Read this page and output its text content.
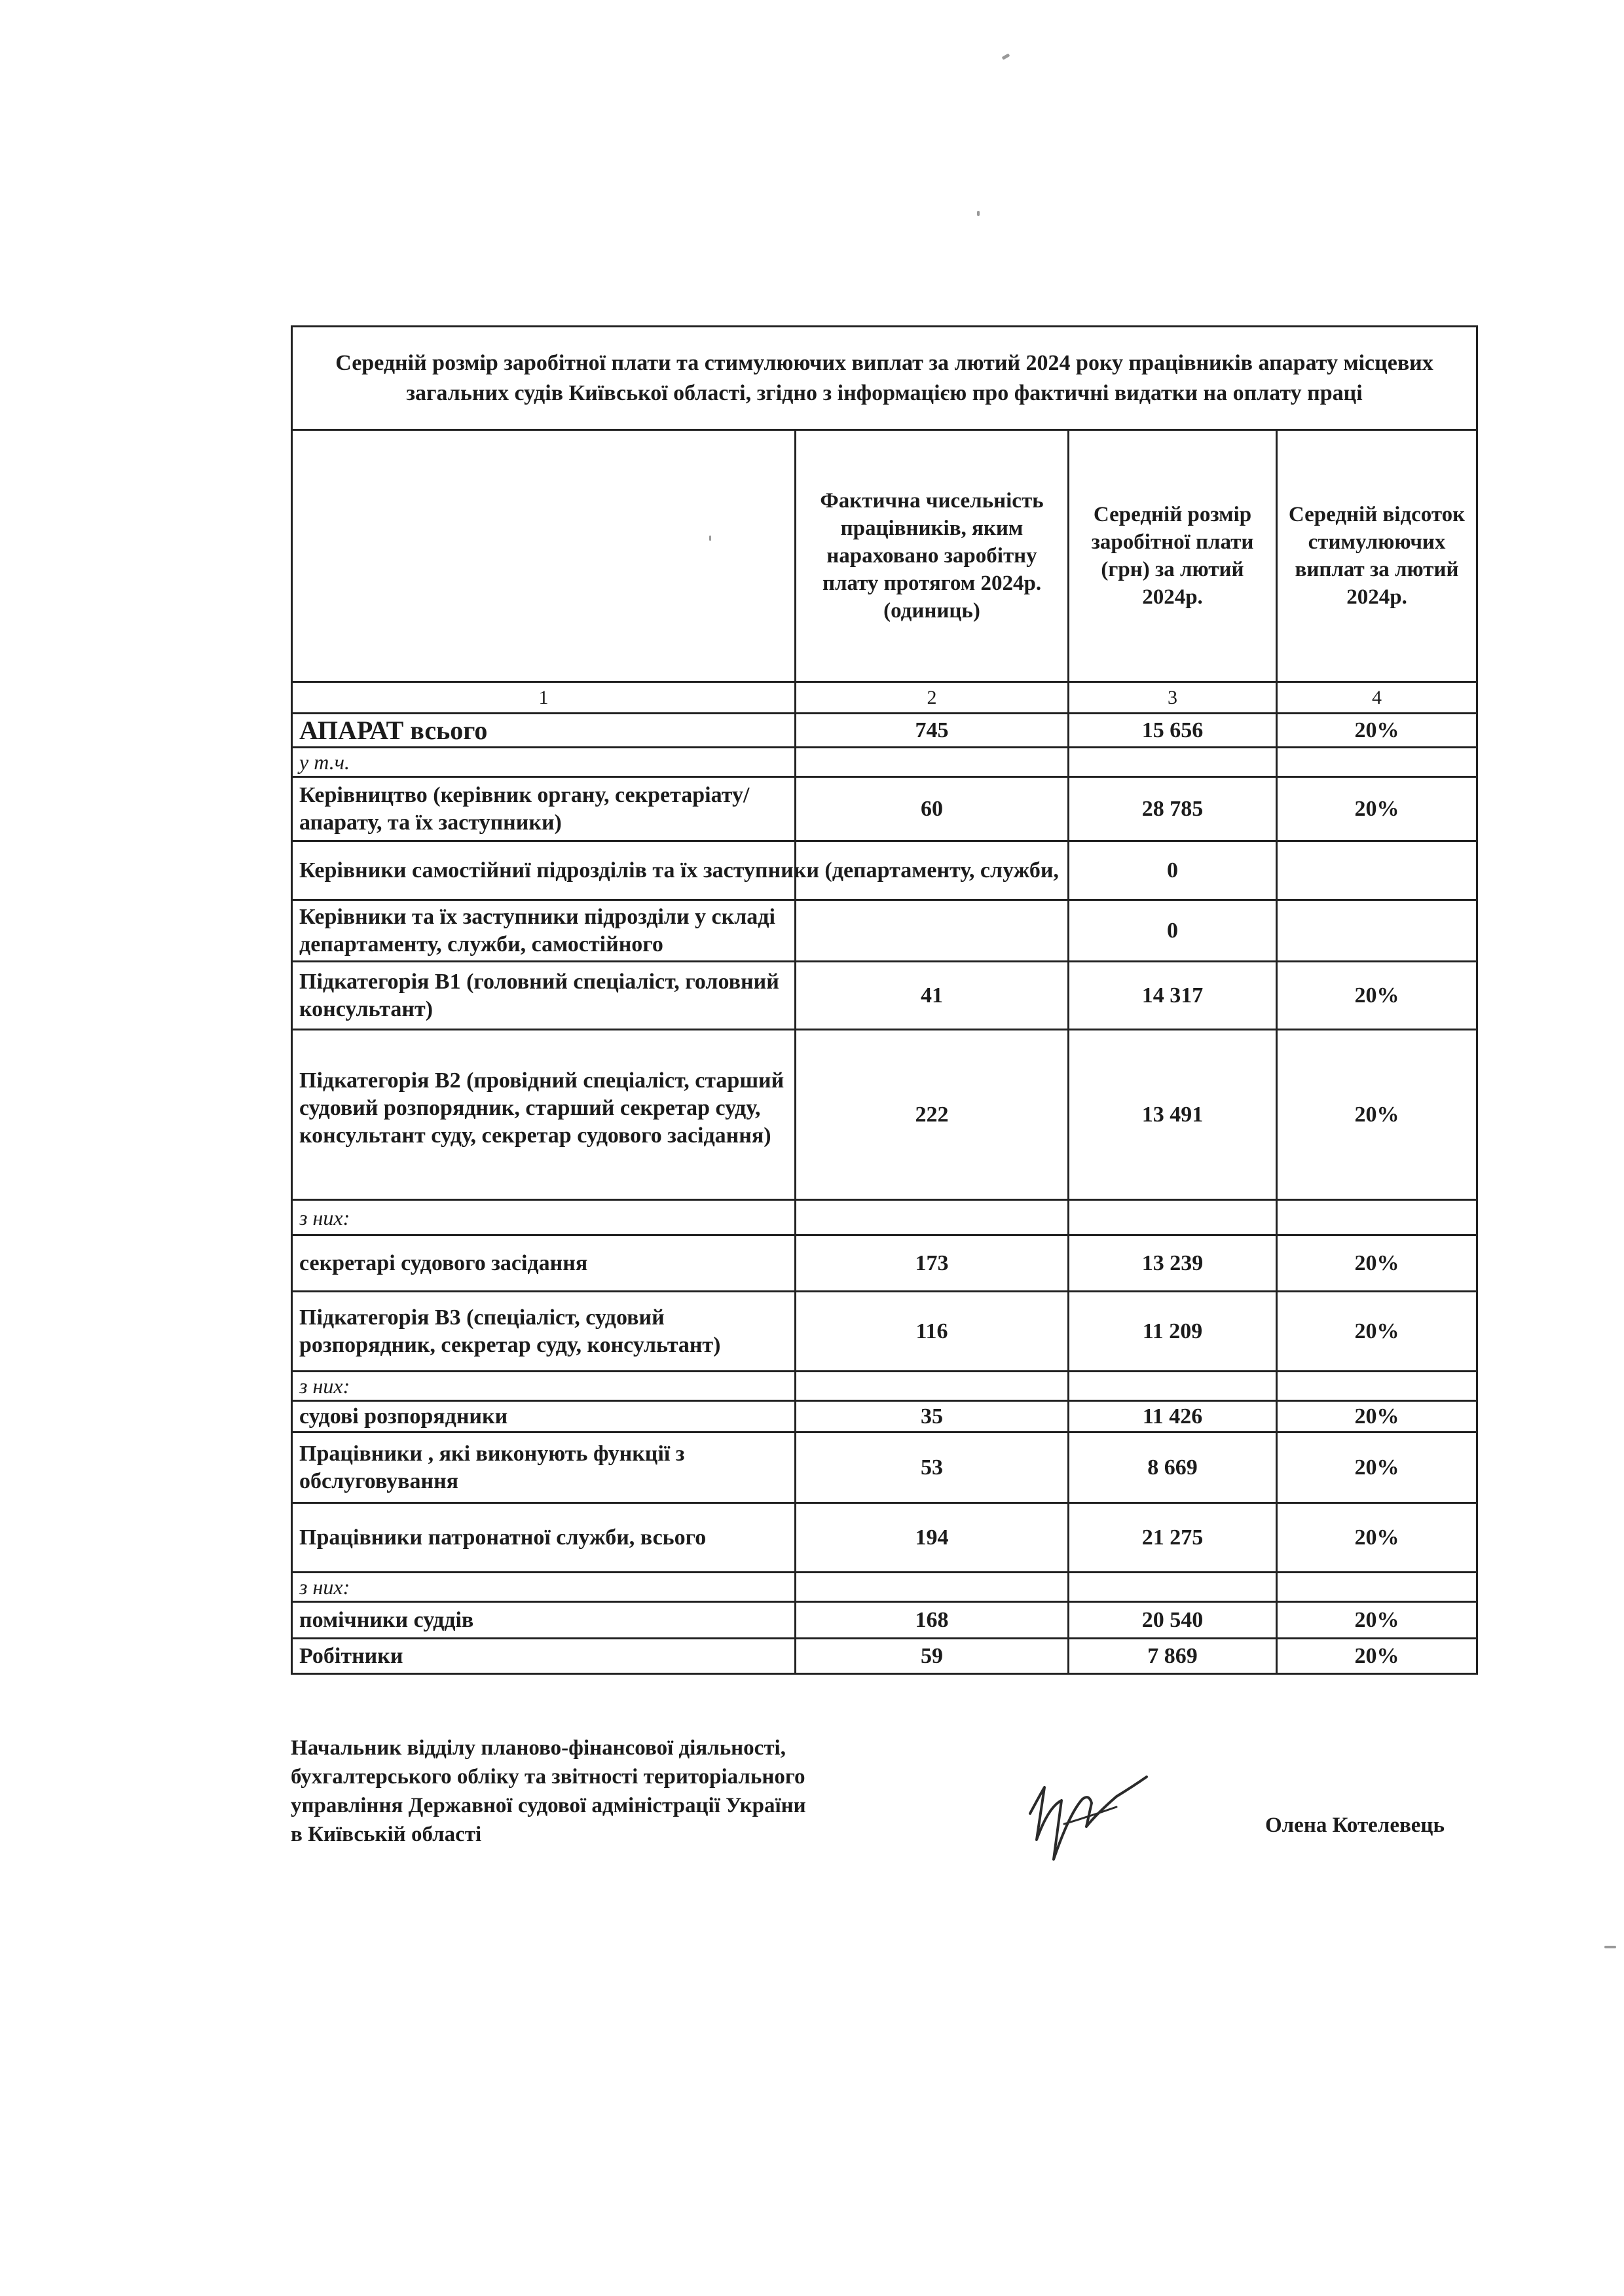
Середній розмір заробітної плати та стимулюючих виплат за лютий 2024 року працівників апарату місцевих загальних судів Київської області, згідно з інформацією про фактичні видатки на оплату праці			
	Фактична чисельність працівників, яким нараховано заробітну плату протягом 2024р. (одиниць)	Середній розмір заробітної плати (грн) за лютий 2024р.	Середній відсоток стимулюючих виплат за лютий 2024р.
1	2	3	4
АПАРАТ всього	745	15 656	20%
у т.ч.			
Керівництво (керівник органу, секретаріату/апарату, та їх заступники)	60	28 785	20%
Керівники самостійниї підрозділів та їх заступники (департаменту, служби,		0	
Керівники та їх заступники підрозділи у складі департаменту, служби, самостійного		0	
Підкатегорія В1 (головний спеціаліст, головний консультант)	41	14 317	20%
Підкатегорія В2 (провідний спеціаліст, старший судовий розпорядник, старший секретар суду, консультант суду, секретар судового засідання)	222	13 491	20%
з них:			
секретарі судового засідання	173	13 239	20%
Підкатегорія В3 (спеціаліст, судовий розпорядник, секретар суду, консультант)	116	11 209	20%
з них:			
судові розпорядники	35	11 426	20%
Працівники , які виконують функції з обслуговування	53	8 669	20%
Працівники патронатної служби, всього	194	21 275	20%
з них:			
помічники суддів	168	20 540	20%
Робітники	59	7 869	20%
Начальник відділу планово-фінансової діяльності,
бухгалтерського обліку та звітності територіального
управління Державної судової адміністрації України
в Київській області	Олена Котелевець
